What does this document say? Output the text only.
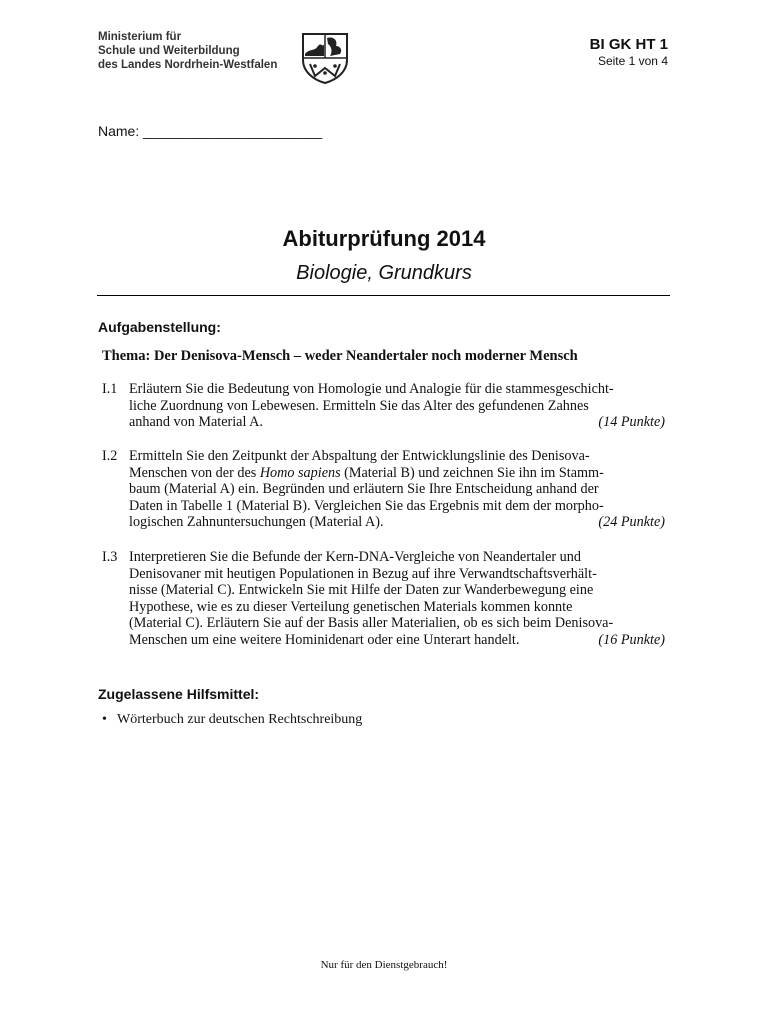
Ministerium für
Schule und Weiterbildung
des Landes Nordrhein-Westfalen
BI GK HT 1
Seite 1 von 4
Name: _______________________
Abiturprüfung 2014
Biologie, Grundkurs
Aufgabenstellung:
Thema: Der Denisova-Mensch – weder Neandertaler noch moderner Mensch
I.1 Erläutern Sie die Bedeutung von Homologie und Analogie für die stammesgeschicht-
liche Zuordnung von Lebewesen. Ermitteln Sie das Alter des gefundenen Zahnes
anhand von Material A.	(14 Punkte)
I.2 Ermitteln Sie den Zeitpunkt der Abspaltung der Entwicklungslinie des Denisova-
Menschen von der des Homo sapiens (Material B) und zeichnen Sie ihn im Stamm-
baum (Material A) ein. Begründen und erläutern Sie Ihre Entscheidung anhand der
Daten in Tabelle 1 (Material B). Vergleichen Sie das Ergebnis mit dem der morpho-
logischen Zahnuntersuchungen (Material A).	(24 Punkte)
I.3 Interpretieren Sie die Befunde der Kern-DNA-Vergleiche von Neandertaler und
Denisovaner mit heutigen Populationen in Bezug auf ihre Verwandtschaftsverhält-
nisse (Material C). Entwickeln Sie mit Hilfe der Daten zur Wanderbewegung eine
Hypothese, wie es zu dieser Verteilung genetischen Materials kommen konnte
(Material C). Erläutern Sie auf der Basis aller Materialien, ob es sich beim Denisova-
Menschen um eine weitere Hominidenart oder eine Unterart handelt.	(16 Punkte)
Zugelassene Hilfsmittel:
• Wörterbuch zur deutschen Rechtschreibung
Nur für den Dienstgebrauch!
